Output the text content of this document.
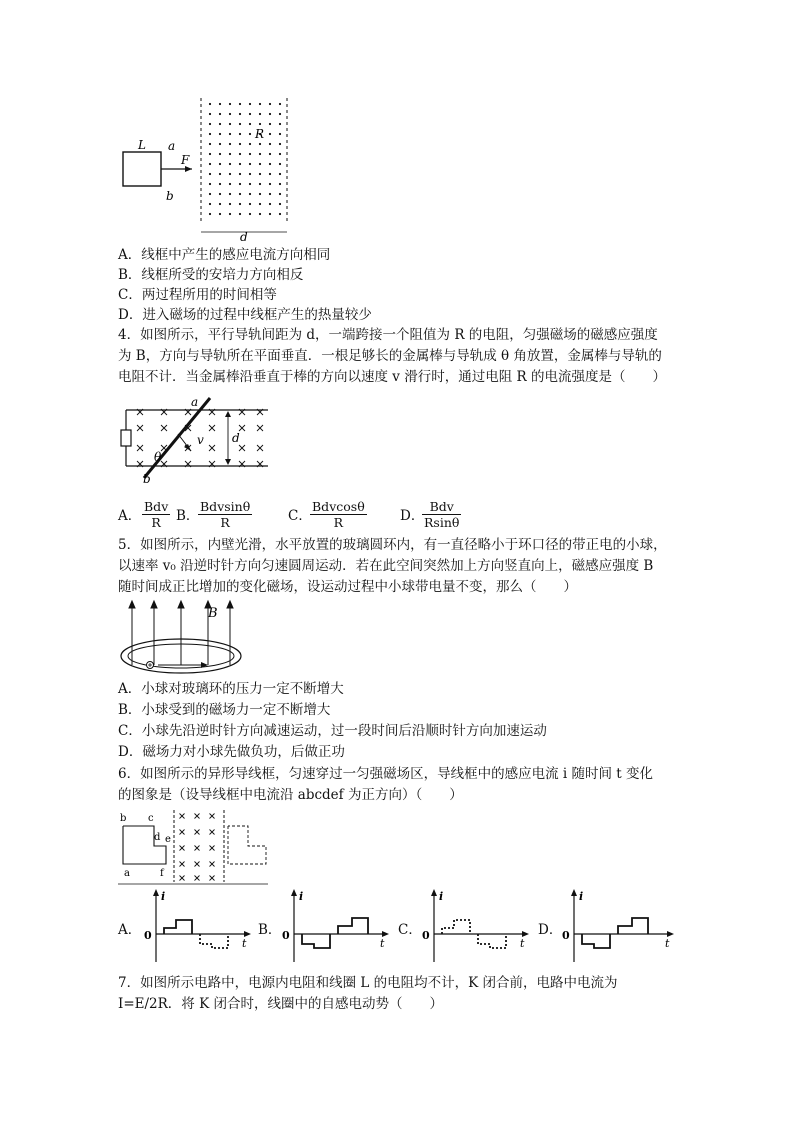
L a
F
b
R
d
A．线框中产生的感应电流方向相同
B．线框所受的安培力方向相反
C．两过程所用的时间相等
D．进入磁场的过程中线框产生的热量较少
4．如图所示，平行导轨间距为 d，一端跨接一个阻值为 R 的电阻，匀强磁场的磁感应强度
为 B，方向与导轨所在平面垂直．一根足够长的金属棒与导轨成 θ 角放置，金属棒与导轨的
电阻不计．当金属棒沿垂直于棒的方向以速度 v 滑行时，通过电阻 R 的电流强度是（　　）
a
v d
θ
b
A．
Bdv
R	B．
Bdvsinθ
R	C．
Bdvcosθ
R	D．
Bdv
Rsinθ
5．如图所示，内壁光滑，水平放置的玻璃圆环内，有一直径略小于环口径的带正电的小球，
以速率 v₀ 沿逆时针方向匀速圆周运动．若在此空间突然加上方向竖直向上，磁感应强度 B
随时间成正比增加的变化磁场，设运动过程中小球带电量不变，那么（　　）
B
A．小球对玻璃环的压力一定不断增大
B．小球受到的磁场力一定不断增大
C．小球先沿逆时针方向减速运动，过一段时间后沿顺时针方向加速运动
D．磁场力对小球先做负功，后做正功
6．如图所示的异形导线框，匀速穿过一匀强磁场区，导线框中的感应电流 i 随时间 t 变化
的图象是（设导线框中电流沿 abcdef 为正方向）（　　）
b c
d e
a	f
A．
i
t
0	B．
i
t
0	C．
i
t
0	D．
i
t
0
7．如图所示电路中，电源内电阻和线圈 L 的电阻均不计，K 闭合前，电路中电流为
I=E/2R．将 K 闭合时，线圈中的自感电动势（　　）
